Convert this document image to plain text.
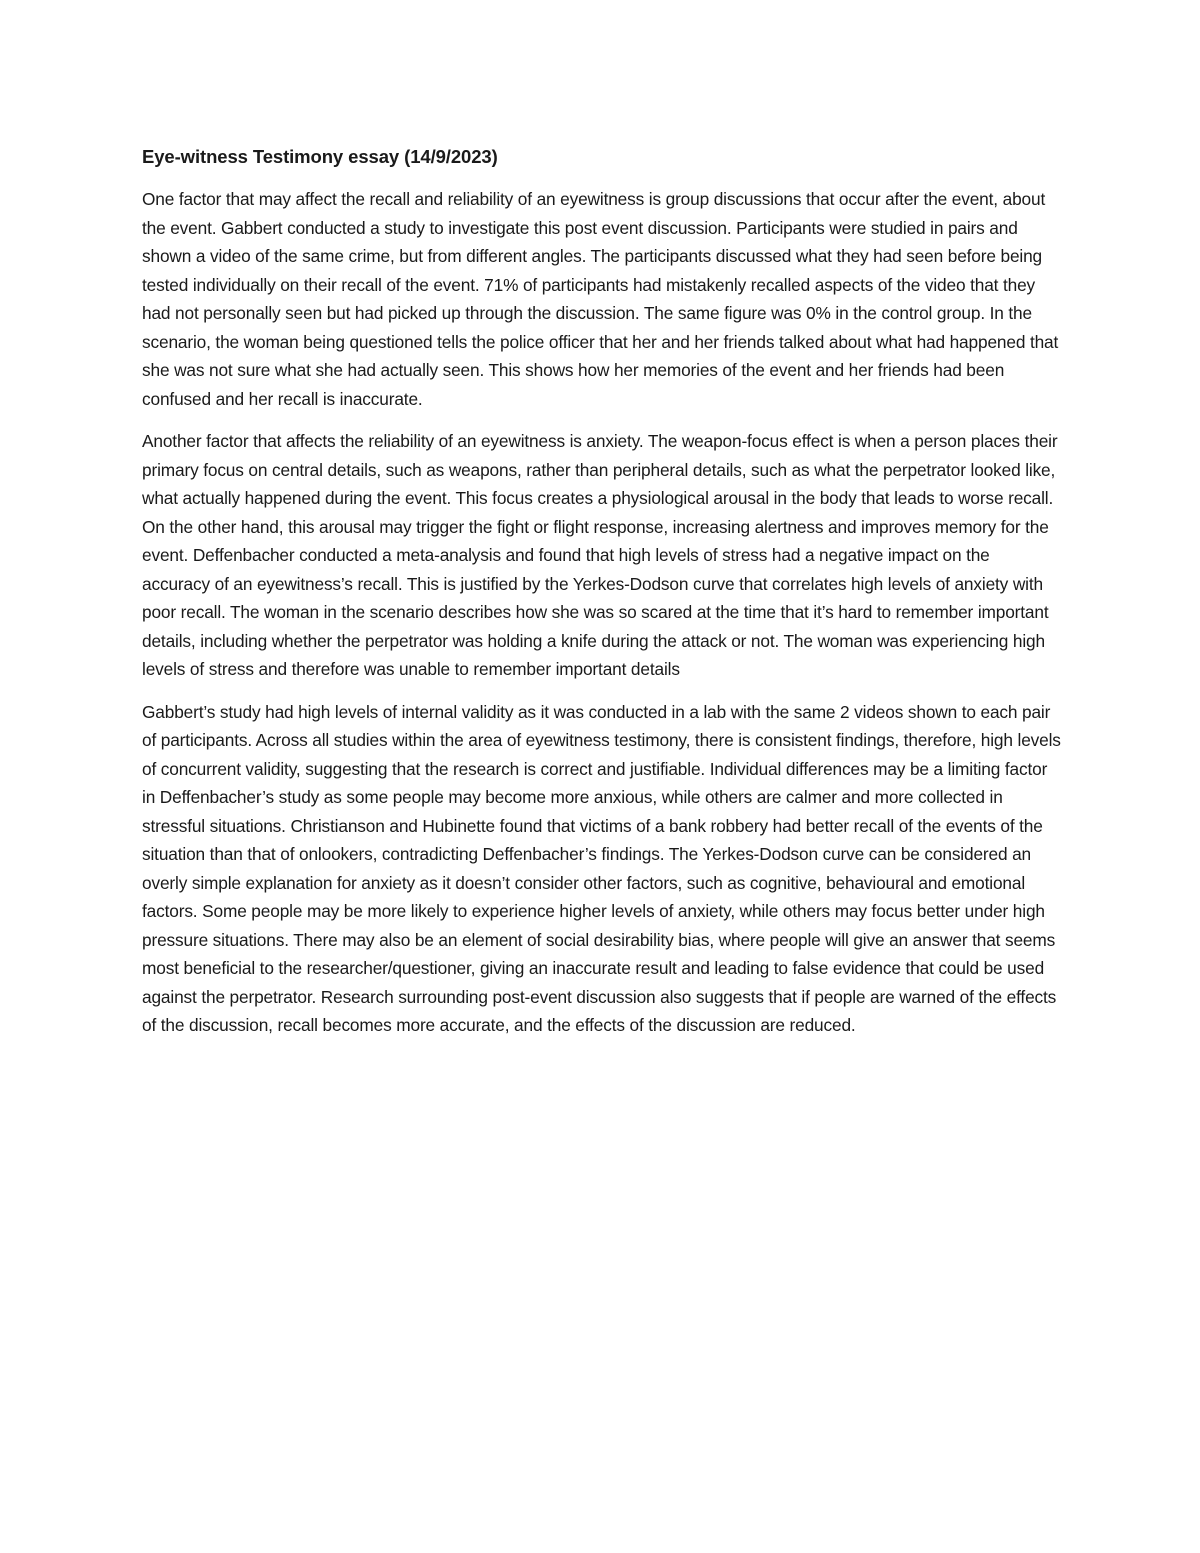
Eye-witness Testimony essay (14/9/2023)

One factor that may affect the recall and reliability of an eyewitness is group discussions that occur after the event, about the event. Gabbert conducted a study to investigate this post event discussion. Participants were studied in pairs and shown a video of the same crime, but from different angles. The participants discussed what they had seen before being tested individually on their recall of the event. 71% of participants had mistakenly recalled aspects of the video that they had not personally seen but had picked up through the discussion. The same figure was 0% in the control group. In the scenario, the woman being questioned tells the police officer that her and her friends talked about what had happened that she was not sure what she had actually seen. This shows how her memories of the event and her friends had been confused and her recall is inaccurate.

Another factor that affects the reliability of an eyewitness is anxiety. The weapon-focus effect is when a person places their primary focus on central details, such as weapons, rather than peripheral details, such as what the perpetrator looked like, what actually happened during the event. This focus creates a physiological arousal in the body that leads to worse recall. On the other hand, this arousal may trigger the fight or flight response, increasing alertness and improves memory for the event. Deffenbacher conducted a meta-analysis and found that high levels of stress had a negative impact on the accuracy of an eyewitness’s recall. This is justified by the Yerkes-Dodson curve that correlates high levels of anxiety with poor recall. The woman in the scenario describes how she was so scared at the time that it’s hard to remember important details, including whether the perpetrator was holding a knife during the attack or not. The woman was experiencing high levels of stress and therefore was unable to remember important details

Gabbert’s study had high levels of internal validity as it was conducted in a lab with the same 2 videos shown to each pair of participants. Across all studies within the area of eyewitness testimony, there is consistent findings, therefore, high levels of concurrent validity, suggesting that the research is correct and justifiable. Individual differences may be a limiting factor in Deffenbacher’s study as some people may become more anxious, while others are calmer and more collected in stressful situations. Christianson and Hubinette found that victims of a bank robbery had better recall of the events of the situation than that of onlookers, contradicting Deffenbacher’s findings. The Yerkes-Dodson curve can be considered an overly simple explanation for anxiety as it doesn’t consider other factors, such as cognitive, behavioural and emotional factors. Some people may be more likely to experience higher levels of anxiety, while others may focus better under high pressure situations. There may also be an element of social desirability bias, where people will give an answer that seems most beneficial to the researcher/questioner, giving an inaccurate result and leading to false evidence that could be used against the perpetrator. Research surrounding post-event discussion also suggests that if people are warned of the effects of the discussion, recall becomes more accurate, and the effects of the discussion are reduced.
